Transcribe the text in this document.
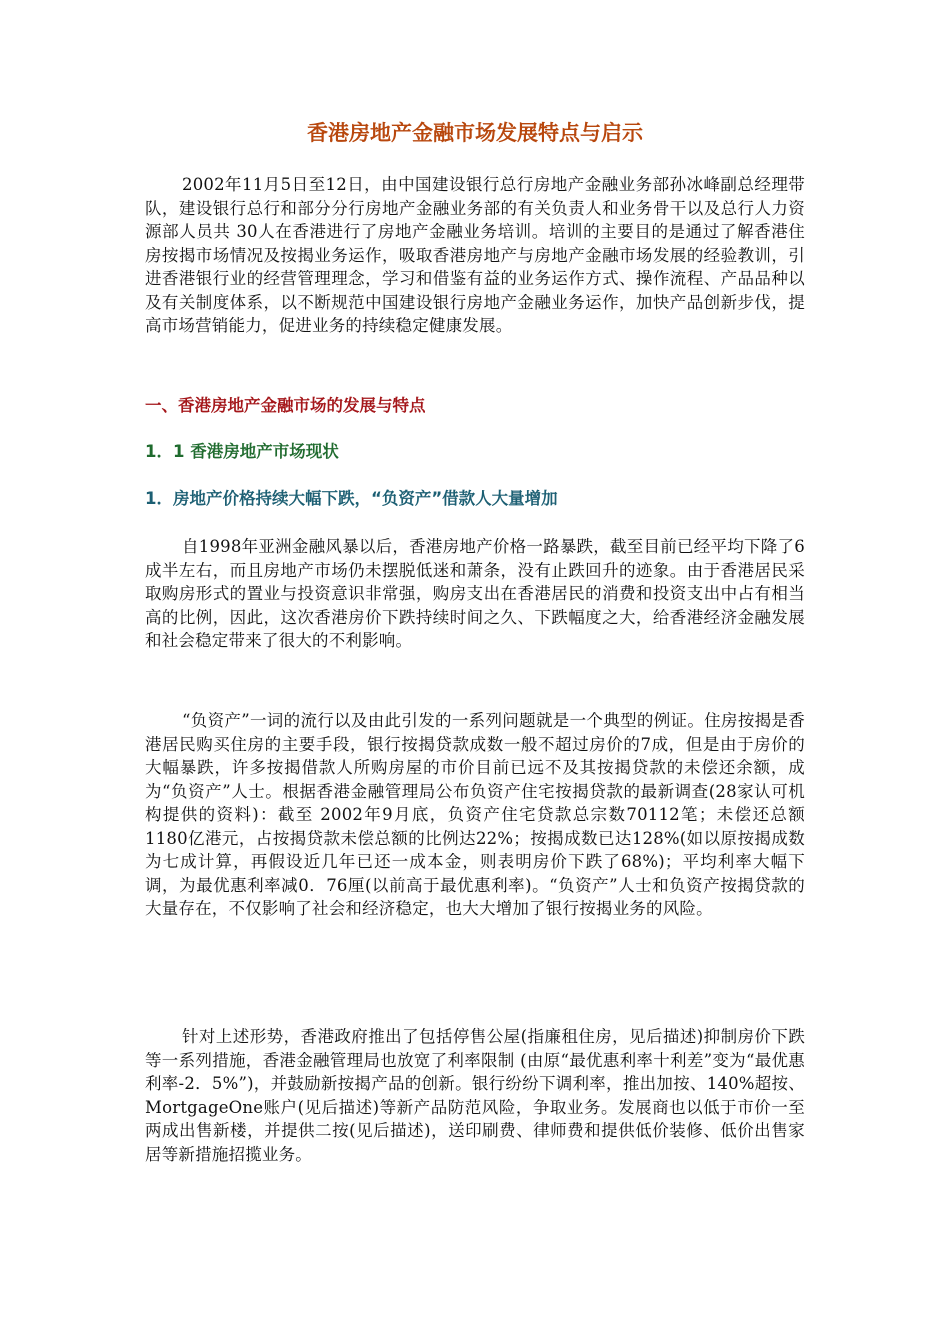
香港房地产金融市场发展特点与启示

2002年11月5日至12日，由中国建设银行总行房地产金融业务部孙冰峰副总经理带队，建设银行总行和部分分行房地产金融业务部的有关负责人和业务骨干以及总行人力资源部人员共 30人在香港进行了房地产金融业务培训。培训的主要目的是通过了解香港住房按揭市场情况及按揭业务运作，吸取香港房地产与房地产金融市场发展的经验教训，引进香港银行业的经营管理理念，学习和借鉴有益的业务运作方式、操作流程、产品品种以及有关制度体系，以不断规范中国建设银行房地产金融业务运作，加快产品创新步伐，提高市场营销能力，促进业务的持续稳定健康发展。

一、香港房地产金融市场的发展与特点
1．1 香港房地产市场现状
1．房地产价格持续大幅下跌，“负资产”借款人大量增加

自1998年亚洲金融风暴以后，香港房地产价格一路暴跌，截至目前已经平均下降了6成半左右，而且房地产市场仍未摆脱低迷和萧条，没有止跌回升的迹象。由于香港居民采取购房形式的置业与投资意识非常强，购房支出在香港居民的消费和投资支出中占有相当高的比例，因此，这次香港房价下跌持续时间之久、下跌幅度之大，给香港经济金融发展和社会稳定带来了很大的不利影响。

“负资产”一词的流行以及由此引发的一系列问题就是一个典型的例证。住房按揭是香港居民购买住房的主要手段，银行按揭贷款成数一般不超过房价的7成，但是由于房价的大幅暴跌，许多按揭借款人所购房屋的市价目前已远不及其按揭贷款的未偿还余额，成为“负资产”人士。根据香港金融管理局公布负资产住宅按揭贷款的最新调查(28家认可机构提供的资料)：截至 2002年9月底，负资产住宅贷款总宗数70112笔；未偿还总额1180亿港元，占按揭贷款未偿总额的比例达22%；按揭成数已达128%(如以原按揭成数为七成计算，再假设近几年已还一成本金，则表明房价下跌了68%)；平均利率大幅下调，为最优惠利率减0．76厘(以前高于最优惠利率)。“负资产”人士和负资产按揭贷款的大量存在，不仅影响了社会和经济稳定，也大大增加了银行按揭业务的风险。

针对上述形势，香港政府推出了包括停售公屋(指廉租住房，见后描述)抑制房价下跌等一系列措施，香港金融管理局也放宽了利率限制 (由原“最优惠利率十利差”变为“最优惠利率-2．5%”)，并鼓励新按揭产品的创新。银行纷纷下调利率，推出加按、140%超按、MortgageOne账户(见后描述)等新产品防范风险，争取业务。发展商也以低于市价一至两成出售新楼，并提供二按(见后描述)，送印刷费、律师费和提供低价装修、低价出售家居等新措施招揽业务。
